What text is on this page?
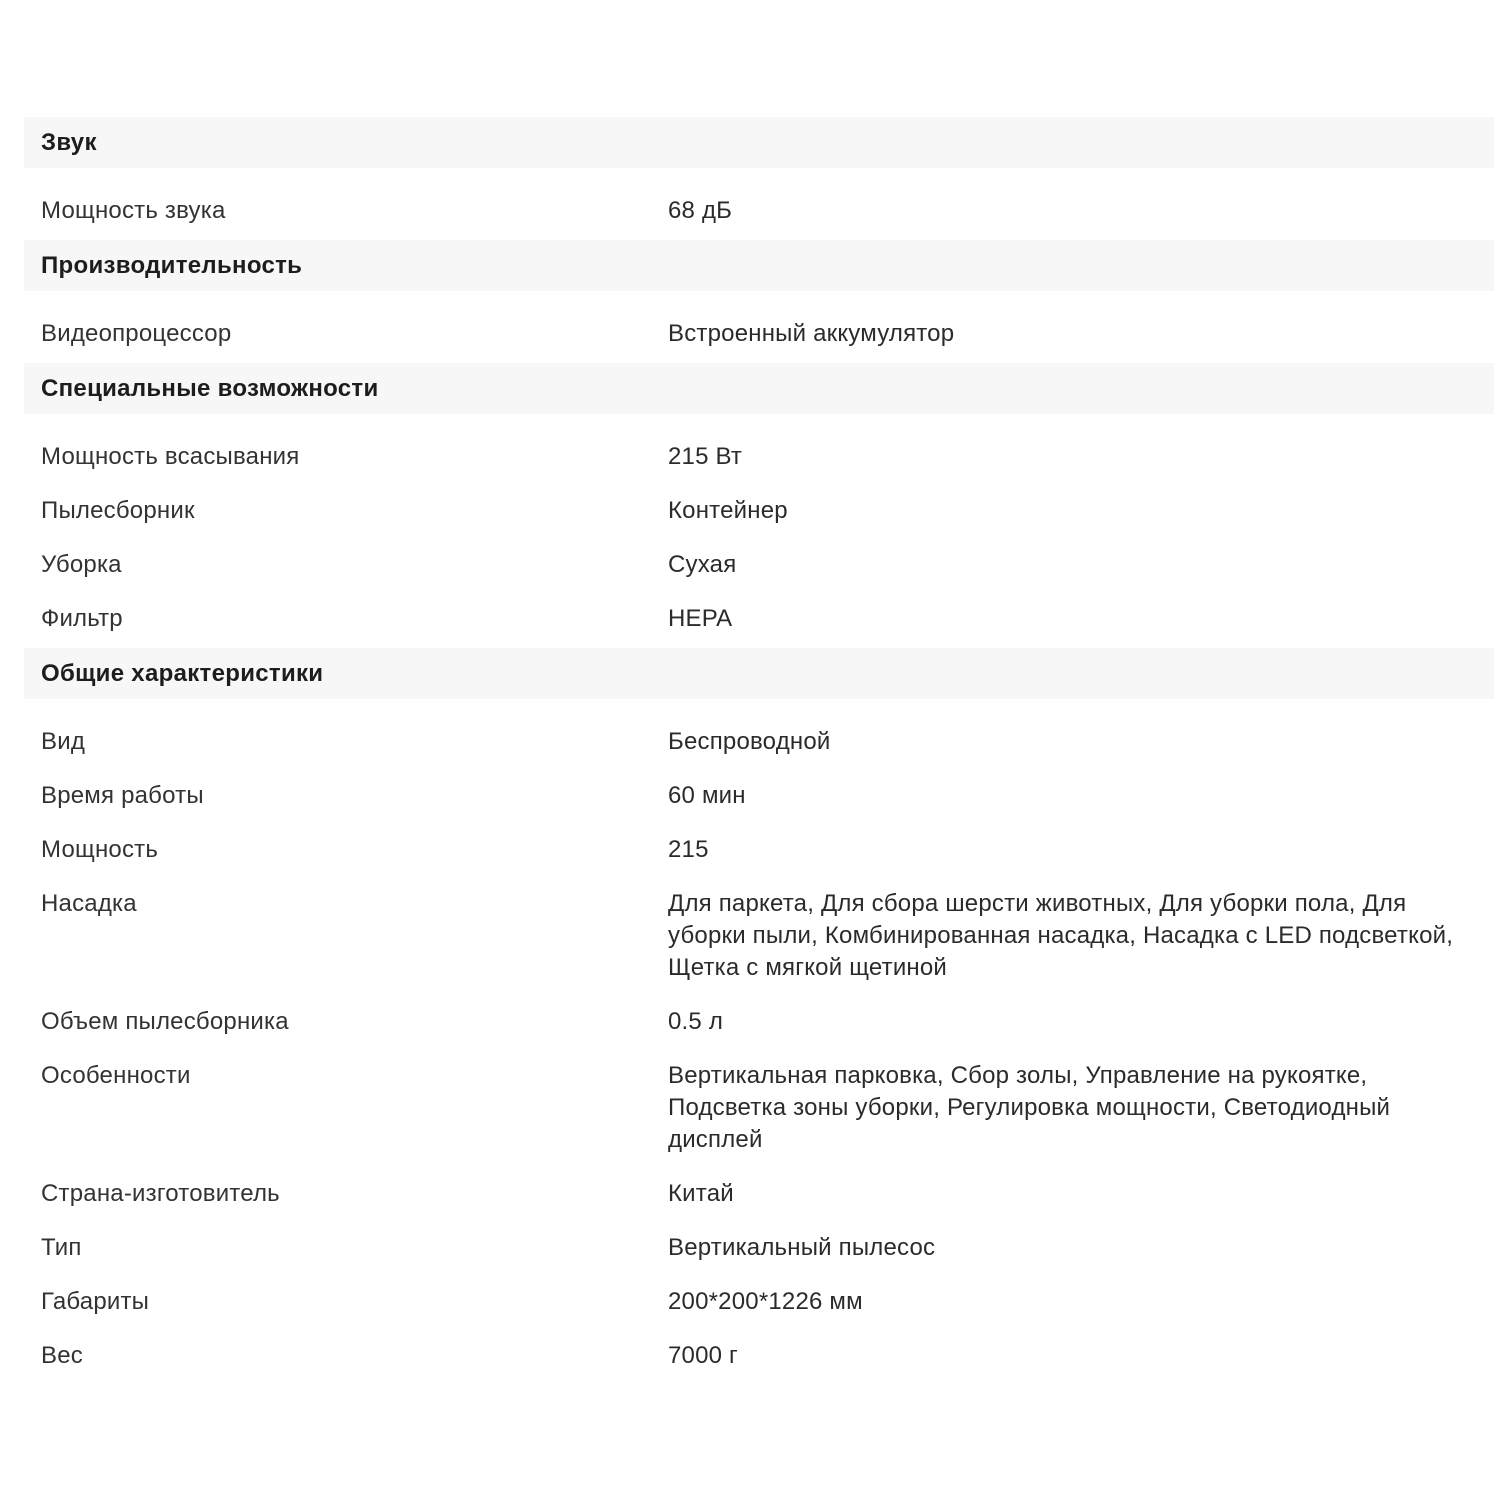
Звук
Мощность звука	68 дБ
Производительность
Видеопроцессор	Встроенный аккумулятор
Специальные возможности
Мощность всасывания	215 Вт
Пылесборник	Контейнер
Уборка	Сухая
Фильтр	HEPA
Общие характеристики
Вид	Беспроводной
Время работы	60 мин
Мощность	215
Насадка	Для паркета, Для сбора шерсти животных, Для уборки пола, Для уборки пыли, Комбинированная насадка, Насадка с LED подсветкой, Щетка с мягкой щетиной
Объем пылесборника	0.5 л
Особенности	Вертикальная парковка, Сбор золы, Управление на рукоятке, Подсветка зоны уборки, Регулировка мощности, Светодиодный дисплей
Страна-изготовитель	Китай
Тип	Вертикальный пылесос
Габариты	200*200*1226 мм
Вес	7000 г
